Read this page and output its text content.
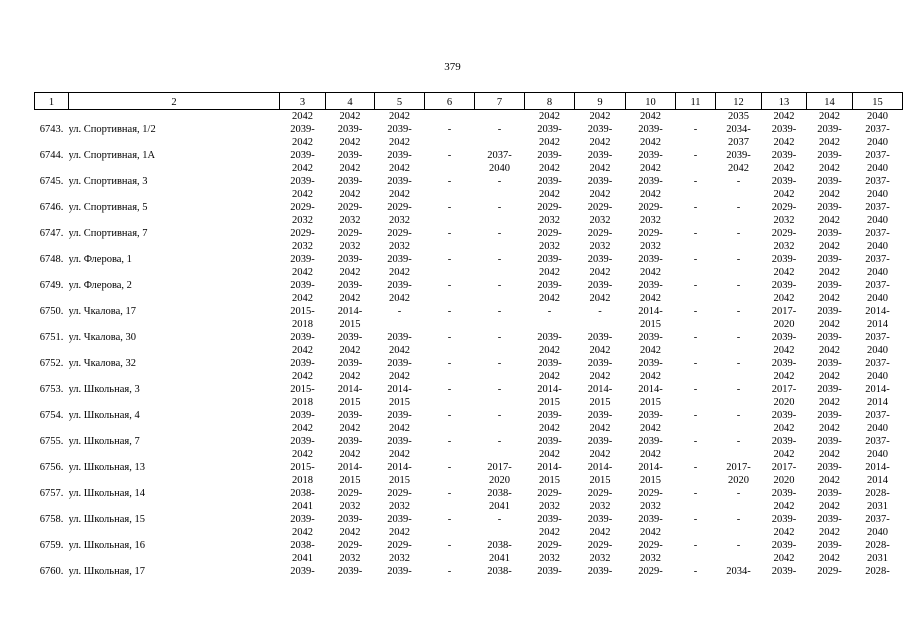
379
1	2	3	4	5	6	7	8	9	10	11	12	13	14	15
		2042	2042	2042			2042	2042	2042		2035	2042	2042	2040
6743.	ул. Спортивная, 1/2	2039-	2039-	2039-	-	-	2039-	2039-	2039-	-	2034-	2039-	2039-	2037-
		2042	2042	2042			2042	2042	2042		2037	2042	2042	2040
6744.	ул. Спортивная, 1А	2039-	2039-	2039-	-	2037-	2039-	2039-	2039-	-	2039-	2039-	2039-	2037-
		2042	2042	2042		2040	2042	2042	2042		2042	2042	2042	2040
6745.	ул. Спортивная, 3	2039-	2039-	2039-	-	-	2039-	2039-	2039-	-	-	2039-	2039-	2037-
		2042	2042	2042			2042	2042	2042			2042	2042	2040
6746.	ул. Спортивная, 5	2029-	2029-	2029-	-	-	2029-	2029-	2029-	-	-	2029-	2039-	2037-
		2032	2032	2032			2032	2032	2032			2032	2042	2040
6747.	ул. Спортивная, 7	2029-	2029-	2029-	-	-	2029-	2029-	2029-	-	-	2029-	2039-	2037-
		2032	2032	2032			2032	2032	2032			2032	2042	2040
6748.	ул. Флерова, 1	2039-	2039-	2039-	-	-	2039-	2039-	2039-	-	-	2039-	2039-	2037-
		2042	2042	2042			2042	2042	2042			2042	2042	2040
6749.	ул. Флерова, 2	2039-	2039-	2039-	-	-	2039-	2039-	2039-	-	-	2039-	2039-	2037-
		2042	2042	2042			2042	2042	2042			2042	2042	2040
6750.	ул. Чкалова, 17	2015-	2014-	-	-	-	-	-	2014-	-	-	2017-	2039-	2014-
		2018	2015						2015			2020	2042	2014
6751.	ул. Чкалова, 30	2039-	2039-	2039-	-	-	2039-	2039-	2039-	-	-	2039-	2039-	2037-
		2042	2042	2042			2042	2042	2042			2042	2042	2040
6752.	ул. Чкалова, 32	2039-	2039-	2039-	-	-	2039-	2039-	2039-	-	-	2039-	2039-	2037-
		2042	2042	2042			2042	2042	2042			2042	2042	2040
6753.	ул. Школьная, 3	2015-	2014-	2014-	-	-	2014-	2014-	2014-	-	-	2017-	2039-	2014-
		2018	2015	2015			2015	2015	2015			2020	2042	2014
6754.	ул. Школьная, 4	2039-	2039-	2039-	-	-	2039-	2039-	2039-	-	-	2039-	2039-	2037-
		2042	2042	2042			2042	2042	2042			2042	2042	2040
6755.	ул. Школьная, 7	2039-	2039-	2039-	-	-	2039-	2039-	2039-	-	-	2039-	2039-	2037-
		2042	2042	2042			2042	2042	2042			2042	2042	2040
6756.	ул. Школьная, 13	2015-	2014-	2014-	-	2017-	2014-	2014-	2014-	-	2017-	2017-	2039-	2014-
		2018	2015	2015		2020	2015	2015	2015		2020	2020	2042	2014
6757.	ул. Школьная, 14	2038-	2029-	2029-	-	2038-	2029-	2029-	2029-	-	-	2039-	2039-	2028-
		2041	2032	2032		2041	2032	2032	2032			2042	2042	2031
6758.	ул. Школьная, 15	2039-	2039-	2039-	-	-	2039-	2039-	2039-	-	-	2039-	2039-	2037-
		2042	2042	2042			2042	2042	2042			2042	2042	2040
6759.	ул. Школьная, 16	2038-	2029-	2029-	-	2038-	2029-	2029-	2029-	-	-	2039-	2039-	2028-
		2041	2032	2032		2041	2032	2032	2032			2042	2042	2031
6760.	ул. Школьная, 17	2039-	2039-	2039-	-	2038-	2039-	2039-	2029-	-	2034-	2039-	2029-	2028-
